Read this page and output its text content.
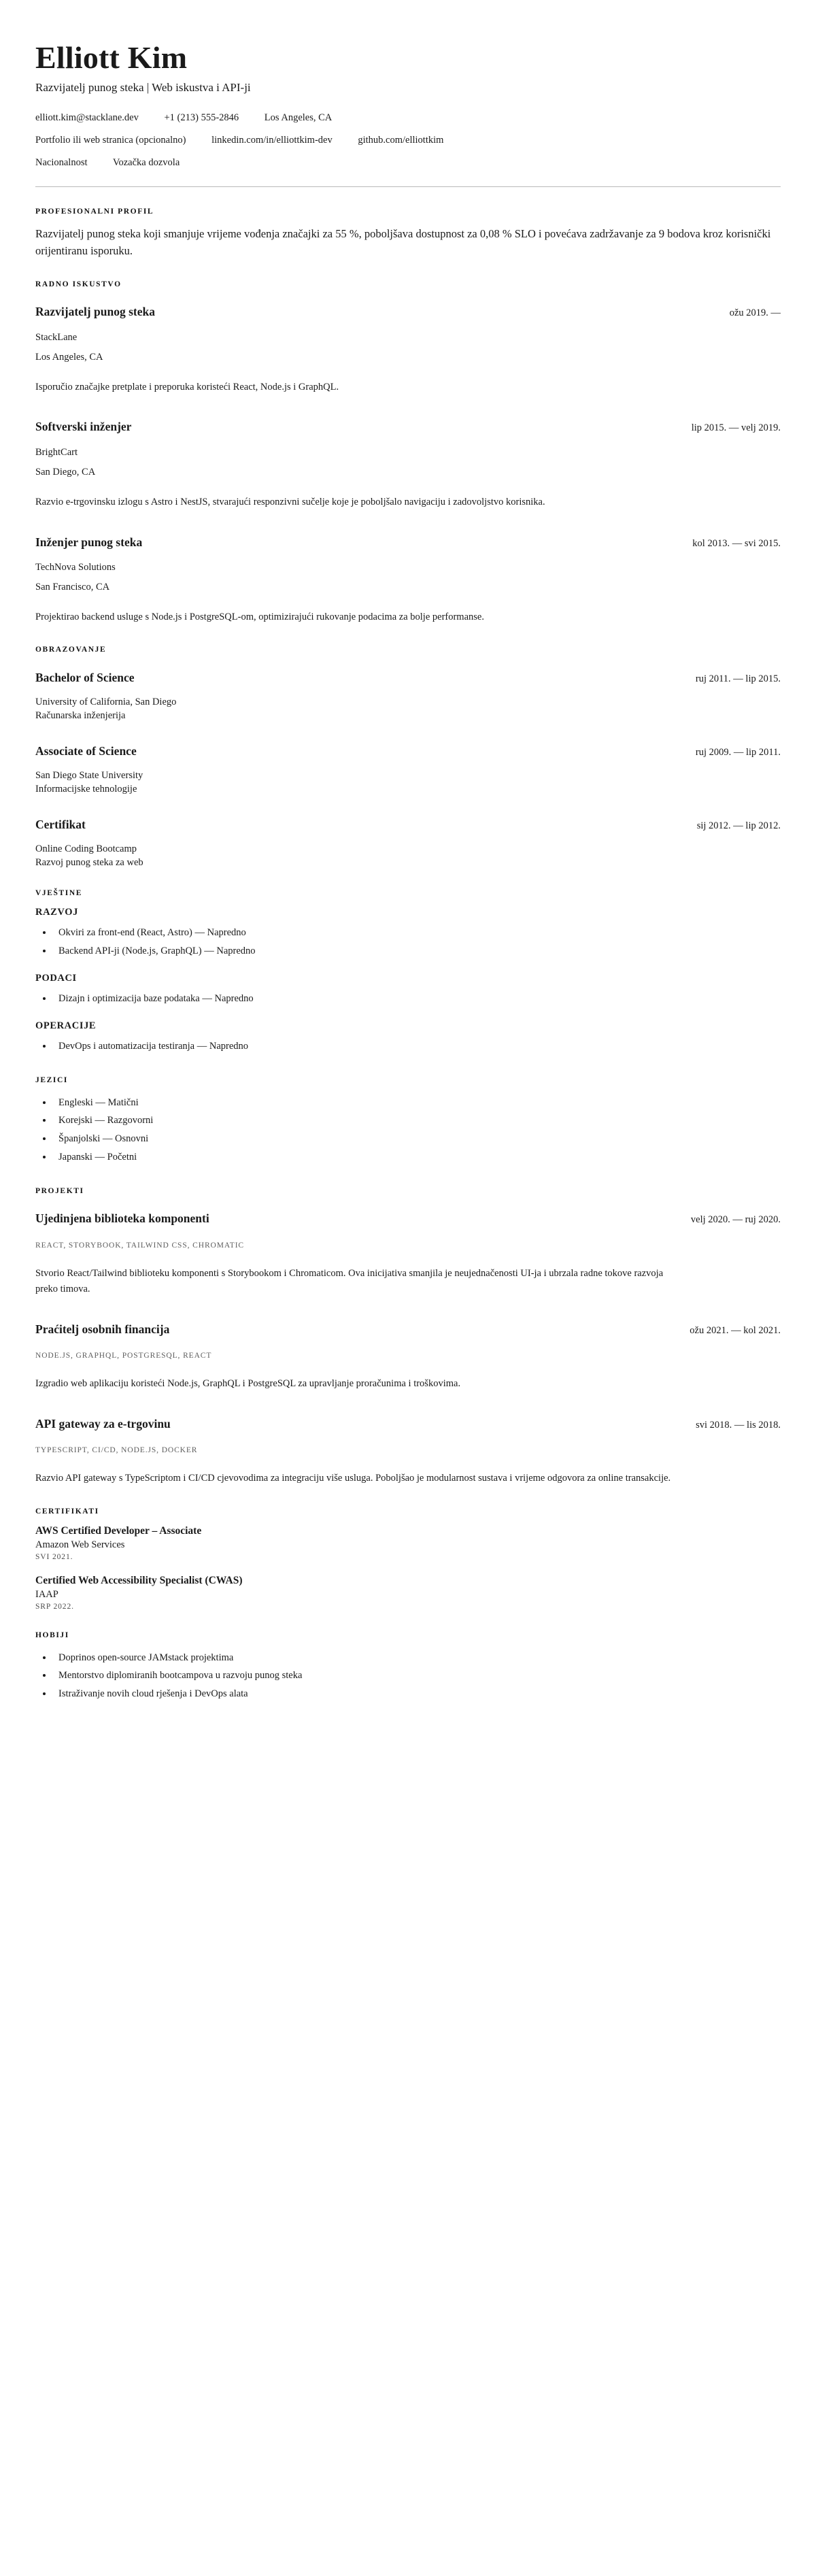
Elliott Kim

Razvijatelj punog steka | Web iskustva i API-ji

elliott.kim@stacklane.dev	+1 (213) 555-2846	Los Angeles, CA
Portfolio ili web stranica (opcionalno)	linkedin.com/in/elliottkim-dev	github.com/elliottkim
Nacionalnost	Vozačka dozvola
PROFESIONALNI PROFIL

Razvijatelj punog steka koji smanjuje vrijeme vođenja značajki za 55 %, poboljšava dostupnost za 0,08 % SLO i povećava zadržavanje za 9 bodova kroz korisnički orijentiranu isporuku.

RADNO ISKUSTVO

Razvijatelj punog steka	ožu 2019. —

StackLane

Los Angeles, CA

Isporučio značajke pretplate i preporuka koristeći React, Node.js i GraphQL.

Softverski inženjer	lip 2015. — velj 2019.

BrightCart

San Diego, CA

Razvio e-trgovinsku izlogu s Astro i NestJS, stvarajući responzivni sučelje koje je poboljšalo navigaciju i zadovoljstvo korisnika.

Inženjer punog steka	kol 2013. — svi 2015.

TechNova Solutions

San Francisco, CA

Projektirao backend usluge s Node.js i PostgreSQL-om, optimizirajući rukovanje podacima za bolje performanse.

OBRAZOVANJE

Bachelor of Science	ruj 2011. — lip 2015.

University of California, San Diego

Računarska inženjerija

Associate of Science	ruj 2009. — lip 2011.

San Diego State University

Informacijske tehnologije

Certifikat	sij 2012. — lip 2012.

Online Coding Bootcamp

Razvoj punog steka za web

VJEŠTINE

RAZVOJ

• Okviri za front-end (React, Astro) — Napredno
• Backend API-ji (Node.js, GraphQL) — Napredno

PODACI

• Dizajn i optimizacija baze podataka — Napredno

OPERACIJE

• DevOps i automatizacija testiranja — Napredno
JEZICI
• Engleski — Matični
• Korejski — Razgovorni
• Španjolski — Osnovni
• Japanski — Početni
PROJEKTI

Ujedinjena biblioteka komponenti	velj 2020. — ruj 2020.

REACT, STORYBOOK, TAILWIND CSS, CHROMATIC

Stvorio React/Tailwind biblioteku komponenti s Storybookom i Chromaticom. Ova inicijativa smanjila je neujednačenosti UI-ja i ubrzala radne tokove razvoja preko timova.

Praćitelj osobnih financija	ožu 2021. — kol 2021.

NODE.JS, GRAPHQL, POSTGRESQL, REACT

Izgradio web aplikaciju koristeći Node.js, GraphQL i PostgreSQL za upravljanje proračunima i troškovima.

API gateway za e-trgovinu	svi 2018. — lis 2018.

TYPESCRIPT, CI/CD, NODE.JS, DOCKER

Razvio API gateway s TypeScriptom i CI/CD cjevovodima za integraciju više usluga. Poboljšao je modularnost sustava i vrijeme odgovora za online transakcije.

CERTIFIKATI

AWS Certified Developer – Associate

Amazon Web Services

SVI 2021.

Certified Web Accessibility Specialist (CWAS)

IAAP

SRP 2022.

HOBIJI
• Doprinos open-source JAMstack projektima
• Mentorstvo diplomiranih bootcampova u razvoju punog steka
• Istraživanje novih cloud rješenja i DevOps alata
